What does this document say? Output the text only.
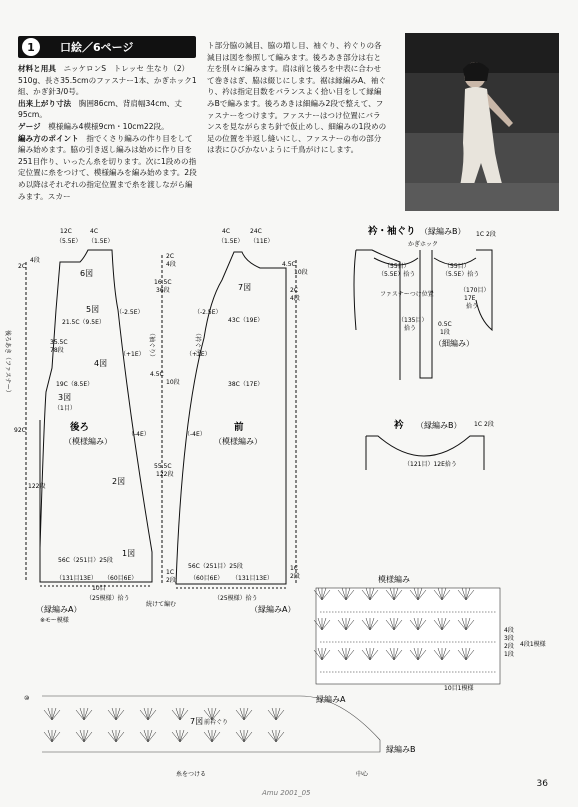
1	口絵／6ページ
材料と用具　 ニッケロンS　トレッセ 生なり（2）510g、長さ35.5cmのファスナー1本、かぎホック1組、かぎ針3/0号。
出来上がり寸法　 胸囲86cm、背肩幅34cm、丈95cm。
ゲージ　 模様編み4模様9cm・10cm22段。
編み方のポイント　 指でくさり編みの作り目をして編み始めます。脇の引き返し編みは始めに作り目を251目作り、いったん糸を切ります。次に1段めの指定位置に糸をつけて、模様編みを編み始めます。2段め以降はそれぞれの指定位置まで糸を渡しながら編みます。スカー
ト部分脇の減目、脇の増し目、袖ぐり、衿ぐりの各減目は図を参照して編みます。後ろあき部分は右と左を別々に編みます。肩は前と後ろを中表に合わせて巻きはぎ、脇は綴じにします。裾は縁編みA、袖ぐり、衿は指定目数をバランスよく拾い目をして縁編みBで編みます。後ろあきは細編み2段で整えて、ファスナーをつけます。ファスナーはつけ位置にバランスを見ながらまち針で仮止めし、細編みの1段めの足の位置を半返し縫いにし、ファスナーの布の部分は表にひびかないように千鳥がけにします。
12C	4C
（5.5E） （1.5E）
6図
5図
4図
3図
2図
1図
21.5C（9.5E）
19C（8.5E）
（-2.5E）
（+1E）
（-4E）
後ろ
（模様編み）
56C（251目）25段
（131目13E） （60目6E）
2C
4段
35.5C
78段
92C
122段
（1目）
10目
後ろあき（ファスナー）
2C
4段
16.5C
36段
4.5C
10段
55.5C
122段
1C
2段
1C
2段
（袖ぐり）
4C	24C
（1.5E） （11E）
7図
43C（19E）
38C（17E）
（-2.5E）
（+1E）
（-4E）
前
（模様編み）
56C（251目）25段
（60目6E） （131目13E）
4.5C
10段
2C
4段
（衿ぐり）
（縁編みA）
※モー模様
（縁編みA）
続けて編む
（25模様）拾う	（25模様）拾う
衿・袖ぐり （縁編みB）
かぎホック
（55目）
（5.5E）拾う
（55目）
（5.5E）拾う
（170目）
17E
拾う
0.5C
1段
ファスナーつけ位置
（135目）
拾う
（細編み）
1C 2段
衿 （縁編みB）
（121目）12E拾う
1C 2段
模様編み
10目1模様
縁編みA
4段
3段
2段
1段
4段1模様
7図 前衿ぐり
縁編みB
⑩
糸をつける	中心
Amu 2001_05
36
